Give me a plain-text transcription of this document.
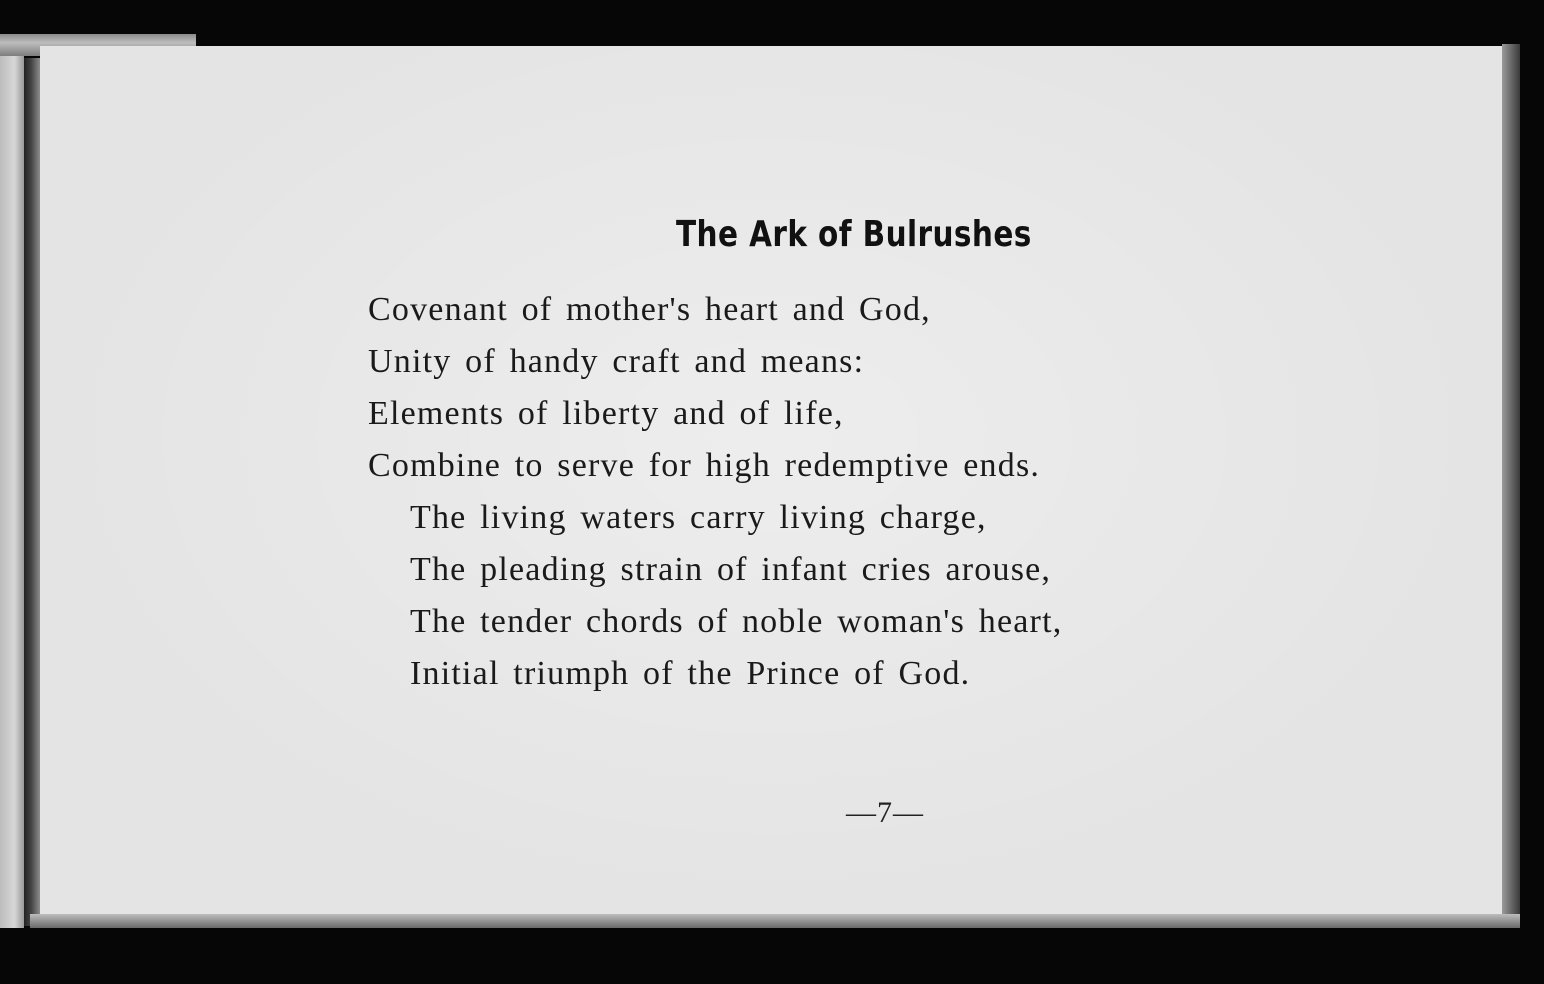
The Ark of Bulrushes
Covenant of mother's heart and God,
Unity of handy craft and means:
Elements of liberty and of life,
Combine to serve for high redemptive ends.
The living waters carry living charge,
The pleading strain of infant cries arouse,
The tender chords of noble woman's heart,
Initial triumph of the Prince of God.
—7—
